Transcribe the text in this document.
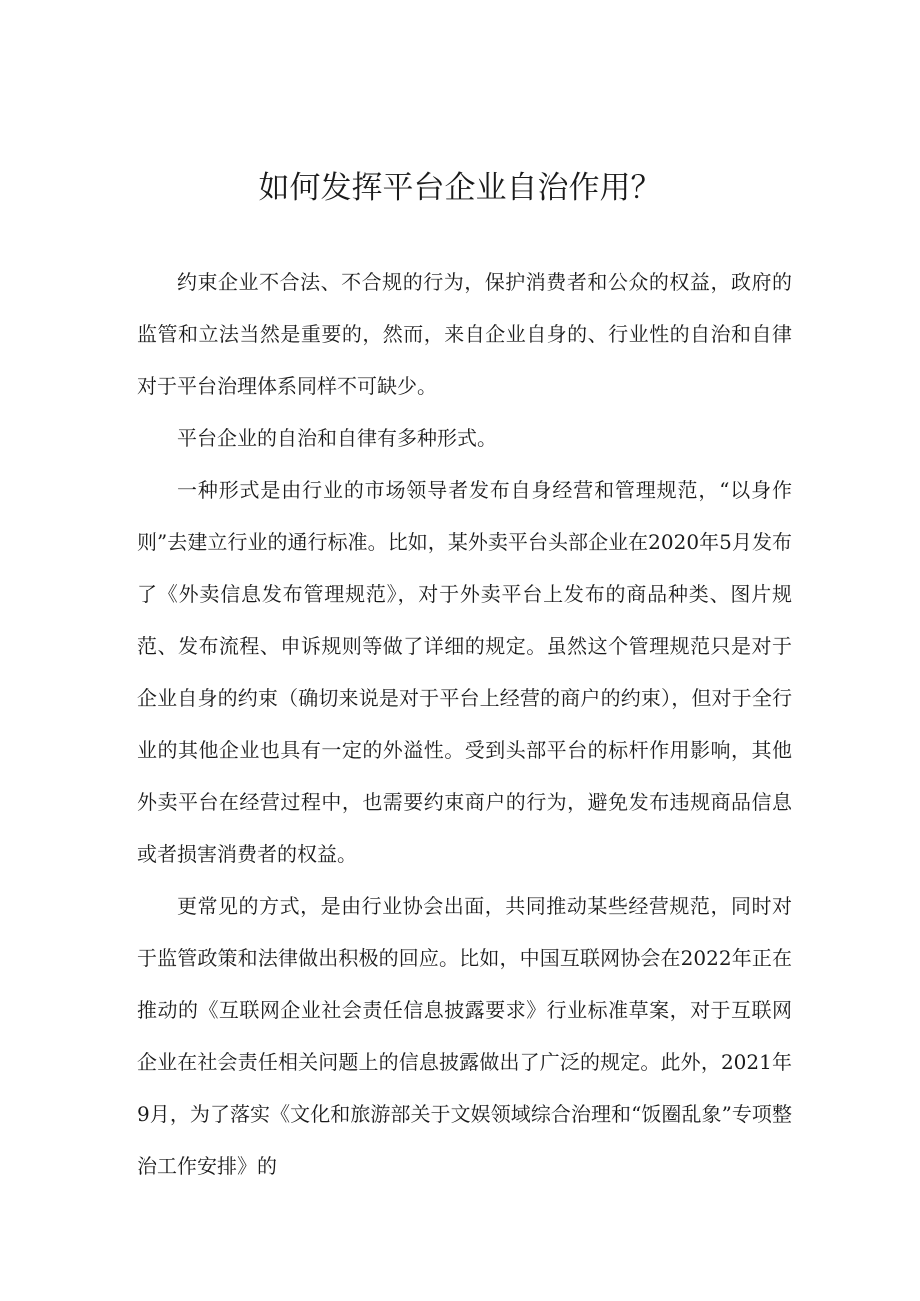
如何发挥平台企业自治作用？

约束企业不合法、不合规的行为，保护消费者和公众的权益，政府的监管和立法当然是重要的，然而，来自企业自身的、行业性的自治和自律对于平台治理体系同样不可缺少。

平台企业的自治和自律有多种形式。

一种形式是由行业的市场领导者发布自身经营和管理规范，“以身作则”去建立行业的通行标准。比如，某外卖平台头部企业在2020年5月发布了《外卖信息发布管理规范》，对于外卖平台上发布的商品种类、图片规范、发布流程、申诉规则等做了详细的规定。虽然这个管理规范只是对于企业自身的约束（确切来说是对于平台上经营的商户的约束），但对于全行业的其他企业也具有一定的外溢性。受到头部平台的标杆作用影响，其他外卖平台在经营过程中，也需要约束商户的行为，避免发布违规商品信息或者损害消费者的权益。

更常见的方式，是由行业协会出面，共同推动某些经营规范，同时对于监管政策和法律做出积极的回应。比如，中国互联网协会在2022年正在推动的《互联网企业社会责任信息披露要求》行业标准草案，对于互联网企业在社会责任相关问题上的信息披露做出了广泛的规定。此外，2021年9月，为了落实《文化和旅游部关于文娱领域综合治理和“饭圈乱象”专项整治工作安排》的
